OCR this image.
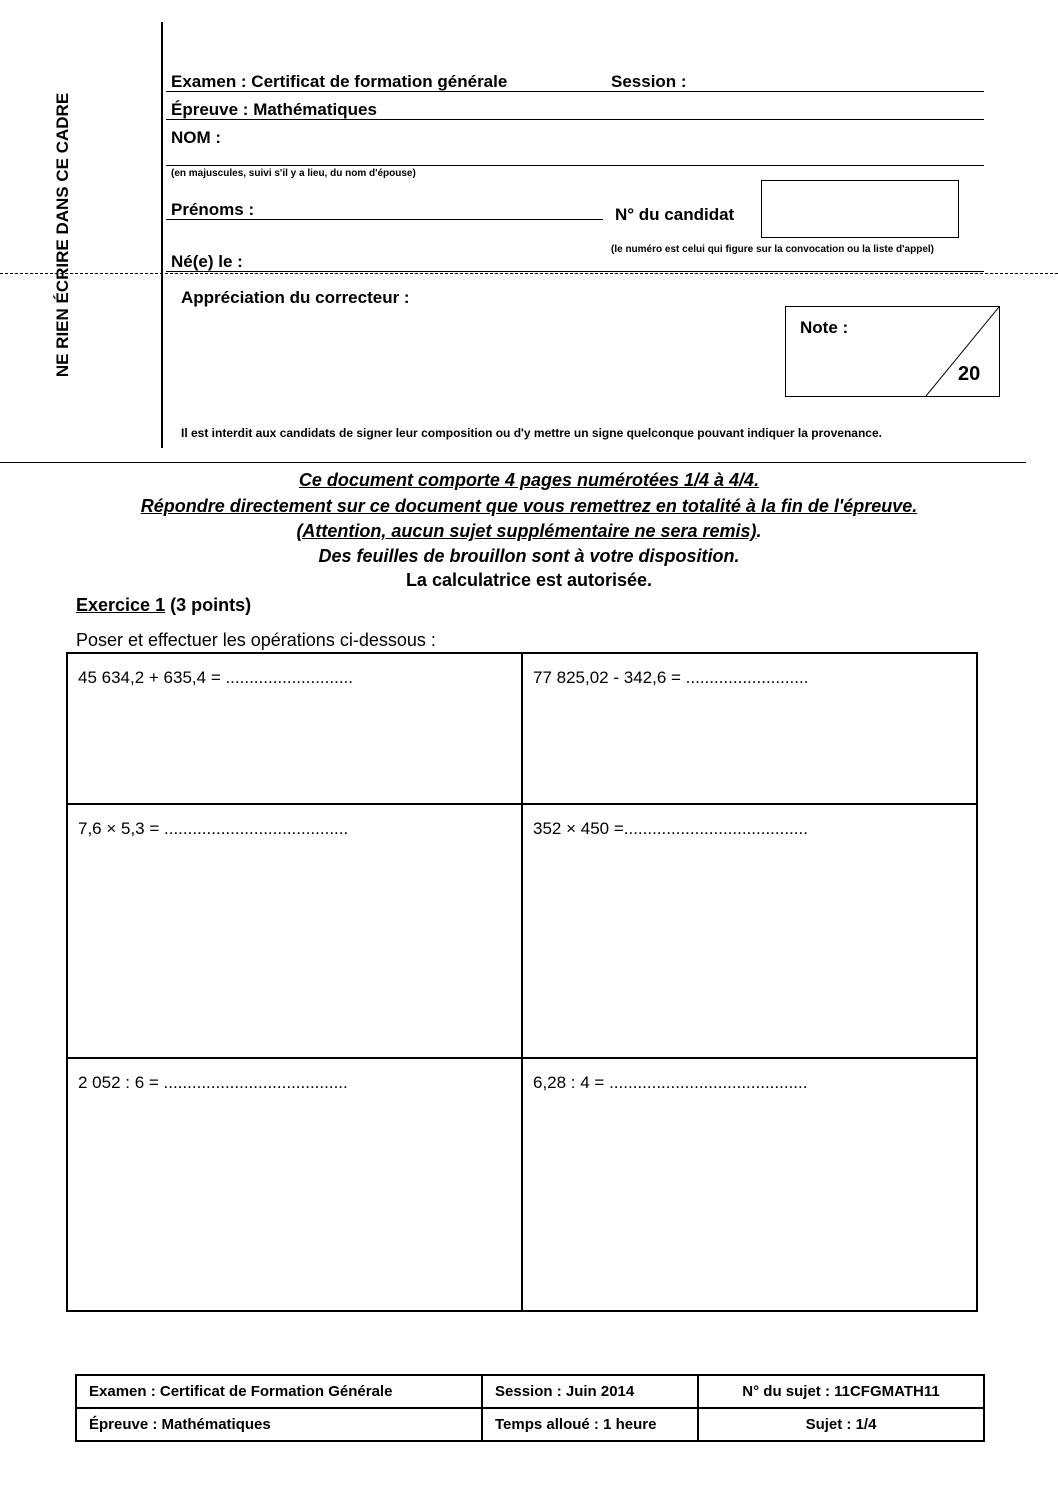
NE RIEN ÉCRIRE DANS CE CADRE
Examen : Certificat de formation générale	Session :
Épreuve : Mathématiques
NOM :
(en majuscules, suivi s'il y a lieu, du nom d'épouse)
Prénoms :	N° du candidat
(le numéro est celui qui figure sur la convocation ou la liste d'appel)
Né(e) le :
Appréciation du correcteur :
Note :
20
Il est interdit aux candidats de signer leur composition ou d'y mettre un signe quelconque pouvant indiquer la provenance.
Ce document comporte 4 pages numérotées 1/4 à 4/4.
Répondre directement sur ce document que vous remettrez en totalité à la fin de l'épreuve.
(Attention, aucun sujet supplémentaire ne sera remis).
Des feuilles de brouillon sont à votre disposition.
La calculatrice est autorisée.
Exercice 1 (3 points)
Poser et effectuer les opérations ci-dessous :
45 634,2 + 635,4 = ...........................	77 825,02 - 342,6 = ..........................
7,6 × 5,3 = .......................................	352 × 450 =.......................................
2 052 : 6 = .......................................	6,28 : 4 = ..........................................
Examen : Certificat de Formation Générale	Session : Juin 2014	N° du sujet : 11CFGMATH11
Épreuve : Mathématiques	Temps alloué : 1 heure	Sujet : 1/4
